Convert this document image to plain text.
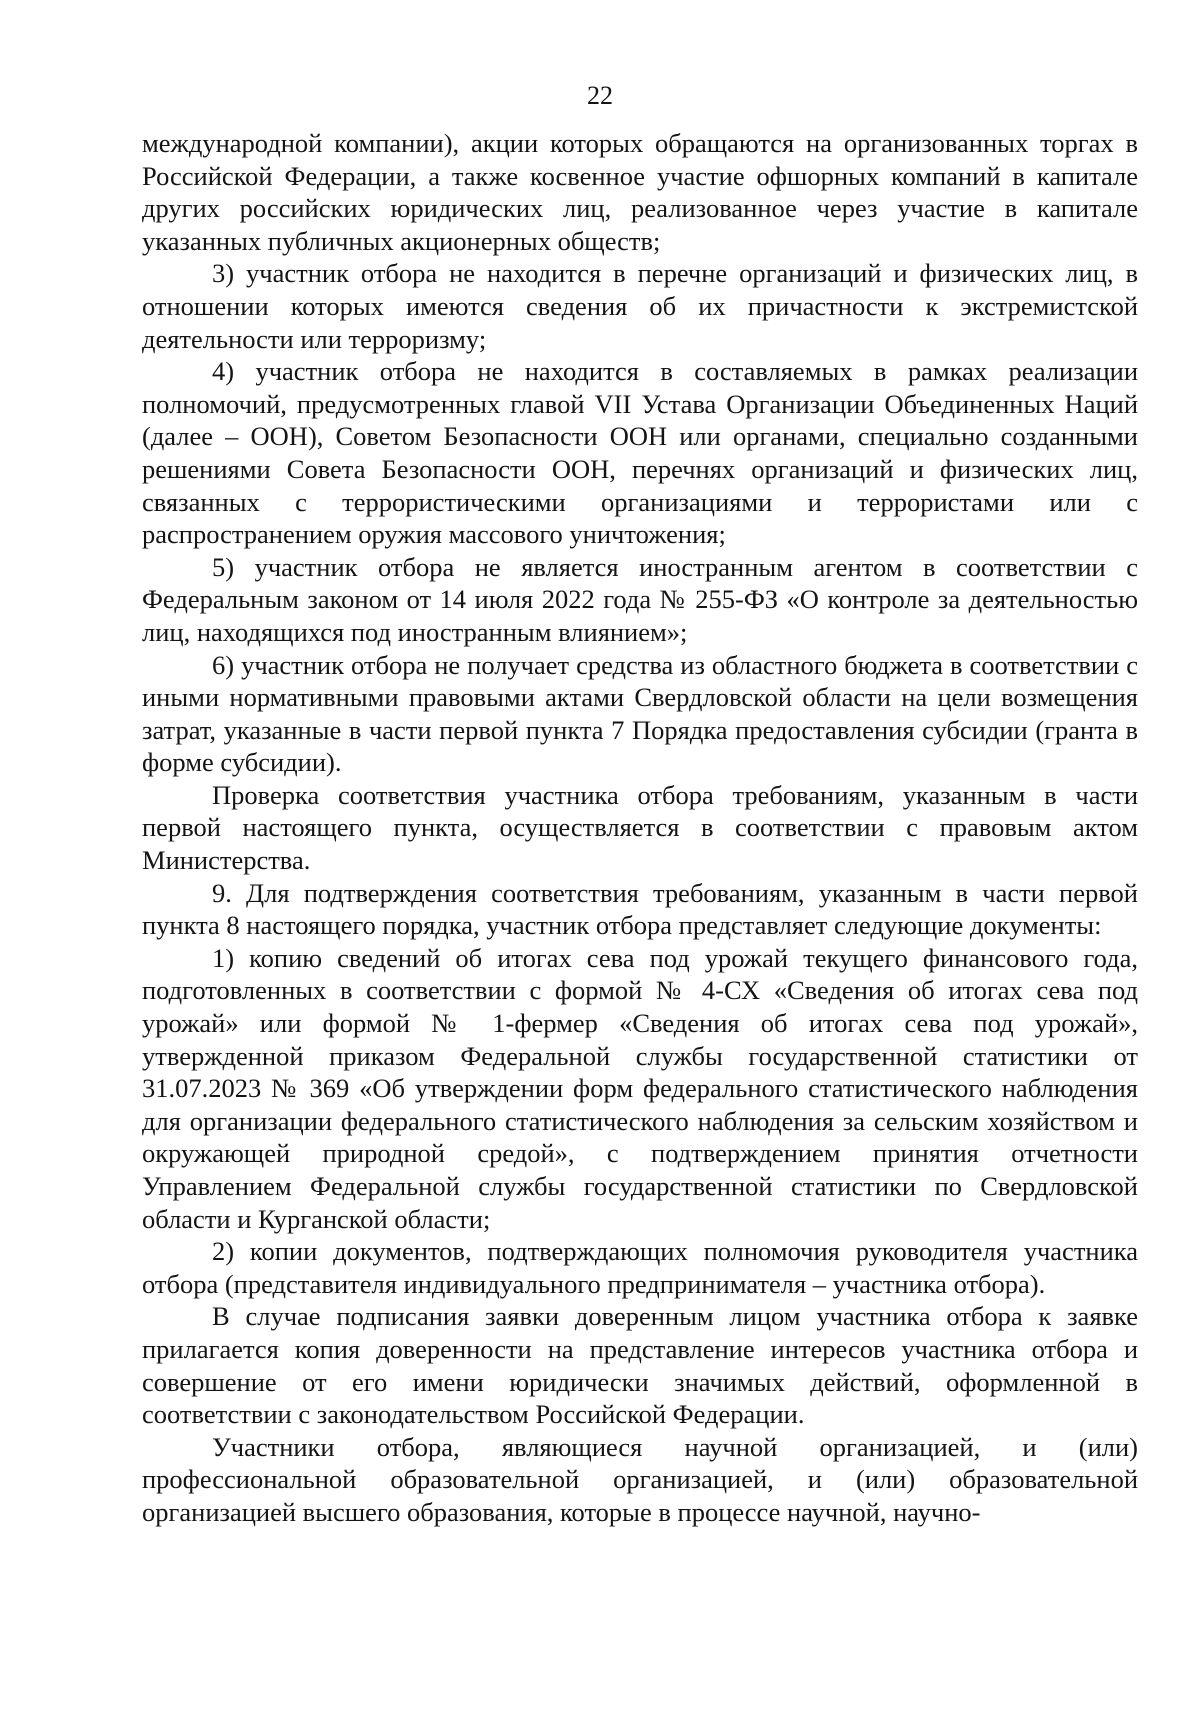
22

международной компании), акции которых обращаются на организованных торгах в Российской Федерации, а также косвенное участие офшорных компаний в капитале других российских юридических лиц, реализованное через участие в капитале указанных публичных акционерных обществ;

3) участник отбора не находится в перечне организаций и физических лиц, в отношении которых имеются сведения об их причастности к экстремистской деятельности или терроризму;

4) участник отбора не находится в составляемых в рамках реализации полномочий, предусмотренных главой VII Устава Организации Объединенных Наций (далее – ООН), Советом Безопасности ООН или органами, специально созданными решениями Совета Безопасности ООН, перечнях организаций и физических лиц, связанных с террористическими организациями и террористами или с распространением оружия массового уничтожения;

5) участник отбора не является иностранным агентом в соответствии с Федеральным законом от 14 июля 2022 года № 255-ФЗ «О контроле за деятельностью лиц, находящихся под иностранным влиянием»;

6) участник отбора не получает средства из областного бюджета в соответствии с иными нормативными правовыми актами Свердловской области на цели возмещения затрат, указанные в части первой пункта 7 Порядка предоставления субсидии (гранта в форме субсидии).

Проверка соответствия участника отбора требованиям, указанным в части первой настоящего пункта, осуществляется в соответствии с правовым актом Министерства.

9. Для подтверждения соответствия требованиям, указанным в части первой пункта 8 настоящего порядка, участник отбора представляет следующие документы:

1) копию сведений об итогах сева под урожай текущего финансового года, подготовленных в соответствии с формой № 4-СХ «Сведения об итогах сева под урожай» или формой № 1-фермер «Сведения об итогах сева под урожай», утвержденной приказом Федеральной службы государственной статистики от 31.07.2023 № 369 «Об утверждении форм федерального статистического наблюдения для организации федерального статистического наблюдения за сельским хозяйством и окружающей природной средой», с подтверждением принятия отчетности Управлением Федеральной службы государственной статистики по Свердловской области и Курганской области;

2) копии документов, подтверждающих полномочия руководителя участника отбора (представителя индивидуального предпринимателя – участника отбора).

В случае подписания заявки доверенным лицом участника отбора к заявке прилагается копия доверенности на представление интересов участника отбора и совершение от его имени юридически значимых действий, оформленной в соответствии с законодательством Российской Федерации.

Участники отбора, являющиеся научной организацией, и (или) профессиональной образовательной организацией, и (или) образовательной организацией высшего образования, которые в процессе научной, научно-
